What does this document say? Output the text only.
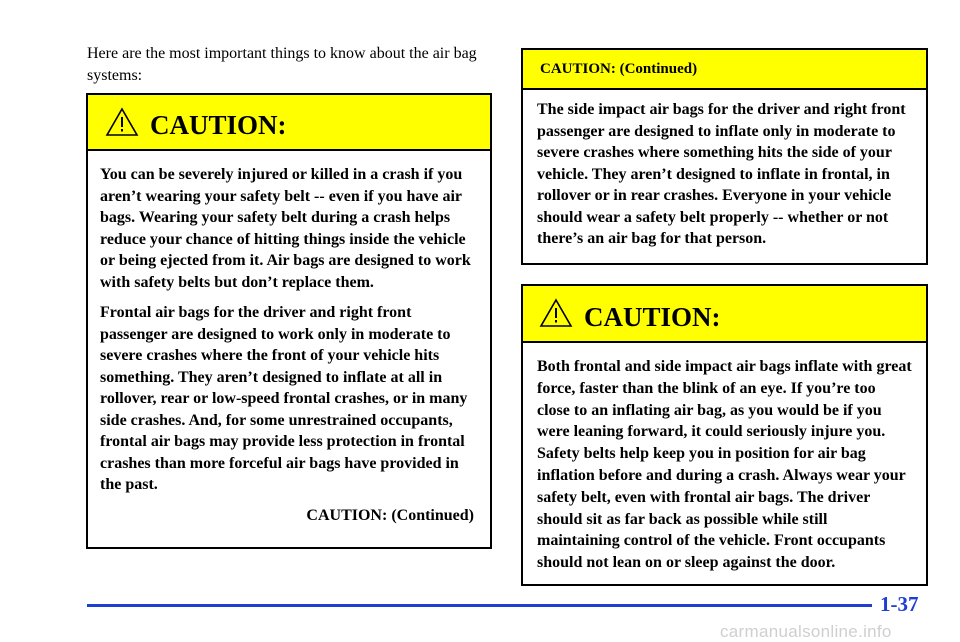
Here are the most important things to know about the air bag systems:
CAUTION:

You can be severely injured or killed in a crash if you aren’t wearing your safety belt -- even if you have air bags. Wearing your safety belt during a crash helps reduce your chance of hitting things inside the vehicle or being ejected from it. Air bags are designed to work with safety belts but don’t replace them.

Frontal air bags for the driver and right front passenger are designed to work only in moderate to severe crashes where the front of your vehicle hits something. They aren’t designed to inflate at all in rollover, rear or low-speed frontal crashes, or in many side crashes. And, for some unrestrained occupants, frontal air bags may provide less protection in frontal crashes than more forceful air bags have provided in the past.

CAUTION: (Continued)

CAUTION: (Continued)

The side impact air bags for the driver and right front passenger are designed to inflate only in moderate to severe crashes where something hits the side of your vehicle. They aren’t designed to inflate in frontal, in rollover or in rear crashes. Everyone in your vehicle should wear a safety belt properly -- whether or not there’s an air bag for that person.

CAUTION:

Both frontal and side impact air bags inflate with great force, faster than the blink of an eye. If you’re too close to an inflating air bag, as you would be if you were leaning forward, it could seriously injure you. Safety belts help keep you in position for air bag inflation before and during a crash. Always wear your safety belt, even with frontal air bags. The driver should sit as far back as possible while still maintaining control of the vehicle. Front occupants should not lean on or sleep against the door.

1-37
carmanualsonline.info
